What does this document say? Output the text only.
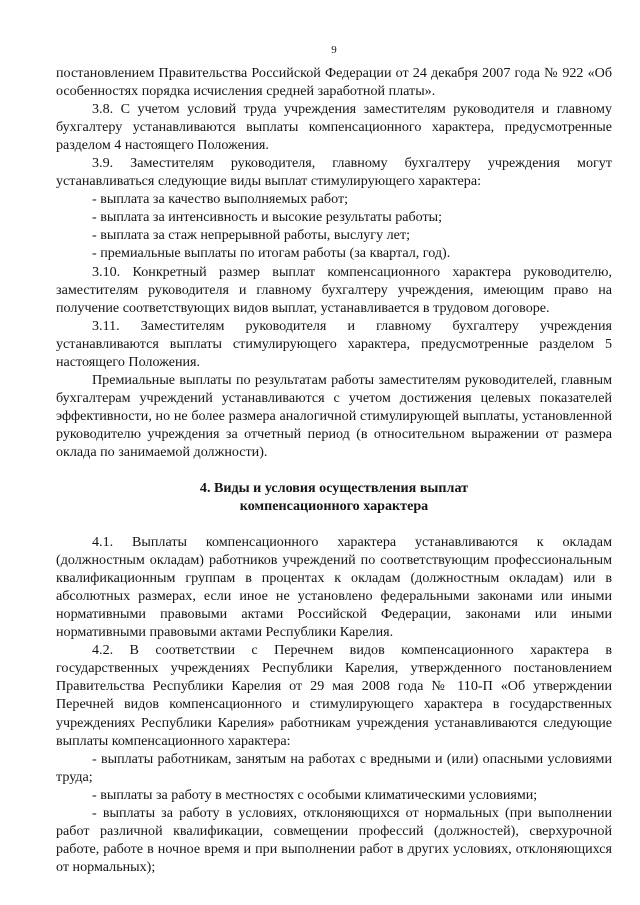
9

постановлением Правительства Российской Федерации от 24 декабря 2007 года № 922 «Об особенностях порядка исчисления средней заработной платы».

3.8. С учетом условий труда учреждения заместителям руководителя и главному бухгалтеру устанавливаются выплаты компенсационного характера, предусмотренные разделом 4 настоящего Положения.

3.9. Заместителям руководителя, главному бухгалтеру учреждения могут устанавливаться следующие виды выплат стимулирующего характера:

- выплата за качество выполняемых работ;

- выплата за интенсивность и высокие результаты работы;

- выплата за стаж непрерывной работы, выслугу лет;

- премиальные выплаты по итогам работы (за квартал, год).

3.10. Конкретный размер выплат компенсационного характера руководителю, заместителям руководителя и главному бухгалтеру учреждения, имеющим право на получение соответствующих видов выплат, устанавливается в трудовом договоре.

3.11. Заместителям руководителя и главному бухгалтеру учреждения устанавливаются выплаты стимулирующего характера, предусмотренные разделом 5 настоящего Положения.

Премиальные выплаты по результатам работы заместителям руководителей, главным бухгалтерам учреждений устанавливаются с учетом достижения целевых показателей эффективности, но не более размера аналогичной стимулирующей выплаты, установленной руководителю учреждения за отчетный период (в относительном выражении от размера оклада по занимаемой должности).

4. Виды и условия осуществления выплат
компенсационного характера

4.1. Выплаты компенсационного характера устанавливаются к окладам (должностным окладам) работников учреждений по соответствующим профессиональным квалификационным группам в процентах к окладам (должностным окладам) или в абсолютных размерах, если иное не установлено федеральными законами или иными нормативными правовыми актами Российской Федерации, законами или иными нормативными правовыми актами Республики Карелия.

4.2. В соответствии с Перечнем видов компенсационного характера в государственных учреждениях Республики Карелия, утвержденного постановлением Правительства Республики Карелия от 29 мая 2008 года № 110-П «Об утверждении Перечней видов компенсационного и стимулирующего характера в государственных учреждениях Республики Карелия» работникам учреждения устанавливаются следующие выплаты компенсационного характера:

- выплаты работникам, занятым на работах с вредными и (или) опасными условиями труда;

- выплаты за работу в местностях с особыми климатическими условиями;

- выплаты за работу в условиях, отклоняющихся от нормальных (при выполнении работ различной квалификации, совмещении профессий (должностей), сверхурочной работе, работе в ночное время и при выполнении работ в других условиях, отклоняющихся от нормальных);
